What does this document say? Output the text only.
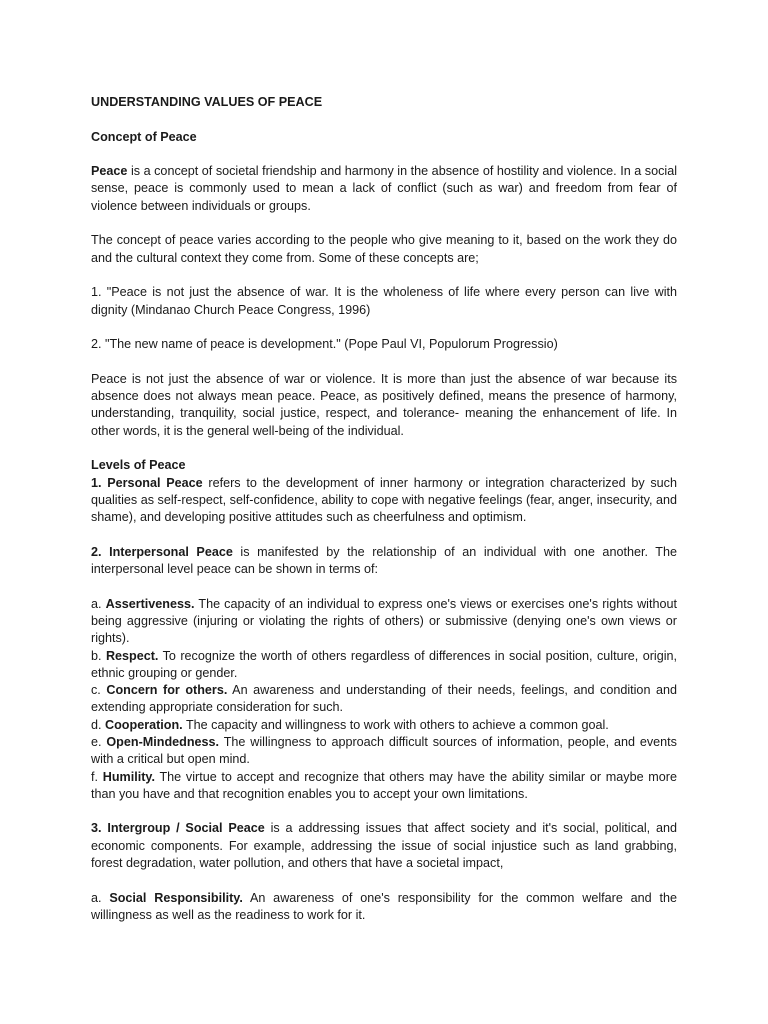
UNDERSTANDING VALUES OF PEACE

Concept of Peace

Peace is a concept of societal friendship and harmony in the absence of hostility and violence. In a social sense, peace is commonly used to mean a lack of conflict (such as war) and freedom from fear of violence between individuals or groups.

The concept of peace varies according to the people who give meaning to it, based on the work they do and the cultural context they come from. Some of these concepts are;

1. "Peace is not just the absence of war. It is the wholeness of life where every person can live with dignity (Mindanao Church Peace Congress, 1996)

2. "The new name of peace is development." (Pope Paul VI, Populorum Progressio)

Peace is not just the absence of war or violence. It is more than just the absence of war because its absence does not always mean peace. Peace, as positively defined, means the presence of harmony, understanding, tranquility, social justice, respect, and tolerance- meaning the enhancement of life. In other words, it is the general well-being of the individual.

Levels of Peace

1. Personal Peace refers to the development of inner harmony or integration characterized by such qualities as self-respect, self-confidence, ability to cope with negative feelings (fear, anger, insecurity, and shame), and developing positive attitudes such as cheerfulness and optimism.

2. Interpersonal Peace is manifested by the relationship of an individual with one another. The interpersonal level peace can be shown in terms of:

a. Assertiveness. The capacity of an individual to express one's views or exercises one's rights without being aggressive (injuring or violating the rights of others) or submissive (denying one's own views or rights).

b. Respect. To recognize the worth of others regardless of differences in social position, culture, origin, ethnic grouping or gender.

c. Concern for others. An awareness and understanding of their needs, feelings, and condition and extending appropriate consideration for such.

d. Cooperation. The capacity and willingness to work with others to achieve a common goal.

e. Open-Mindedness. The willingness to approach difficult sources of information, people, and events with a critical but open mind.

f. Humility. The virtue to accept and recognize that others may have the ability similar or maybe more than you have and that recognition enables you to accept your own limitations.

3. Intergroup / Social Peace is a addressing issues that affect society and it's social, political, and economic components. For example, addressing the issue of social injustice such as land grabbing, forest degradation, water pollution, and others that have a societal impact,

a. Social Responsibility. An awareness of one's responsibility for the common welfare and the willingness as well as the readiness to work for it.
